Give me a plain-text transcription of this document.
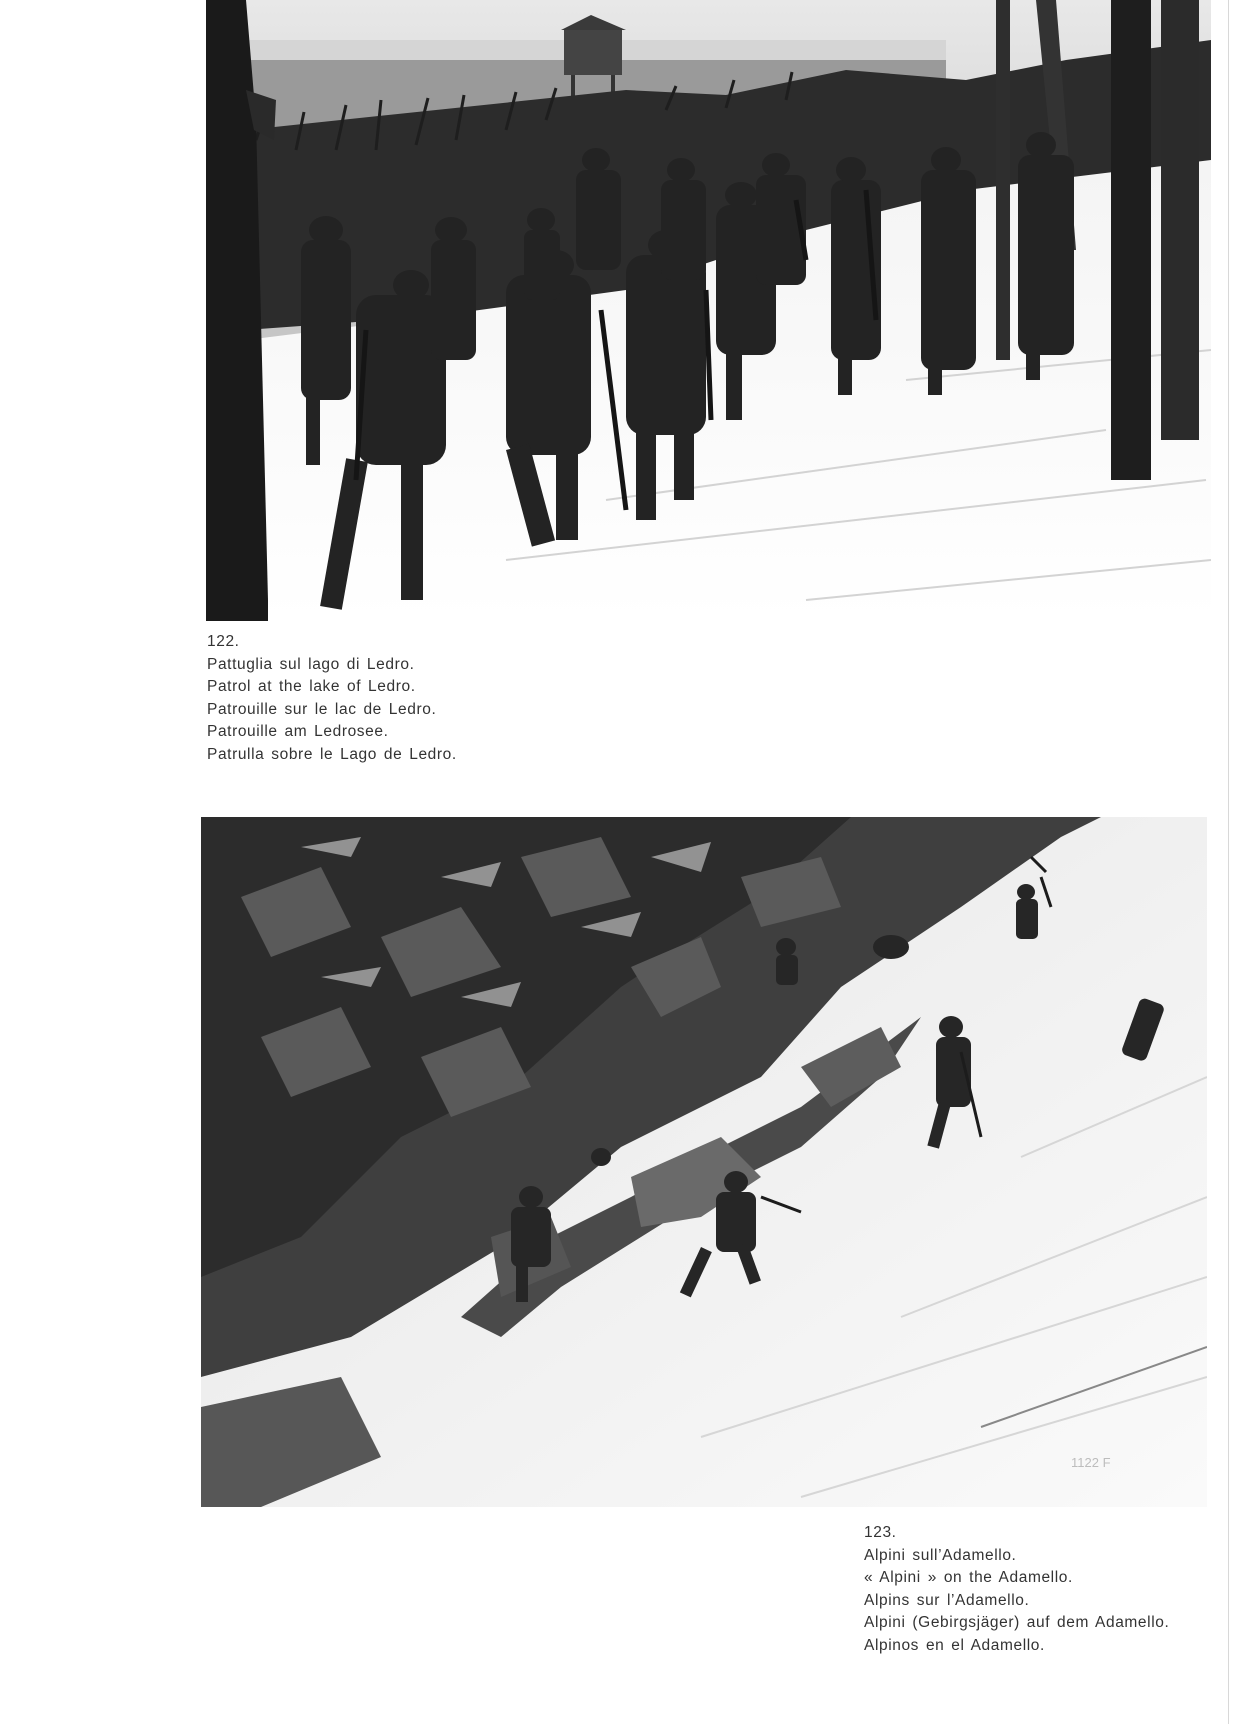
122.
Pattuglia sul lago di Ledro.
Patrol at the lake of Ledro.
Patrouille sur le lac de Ledro.
Patrouille am Ledrosee.
Patrulla sobre le Lago de Ledro.
1122 F
123.
Alpini sull’Adamello.
« Alpini » on the Adamello.
Alpins sur l’Adamello.
Alpini (Gebirgsjäger) auf dem Adamello.
Alpinos en el Adamello.
